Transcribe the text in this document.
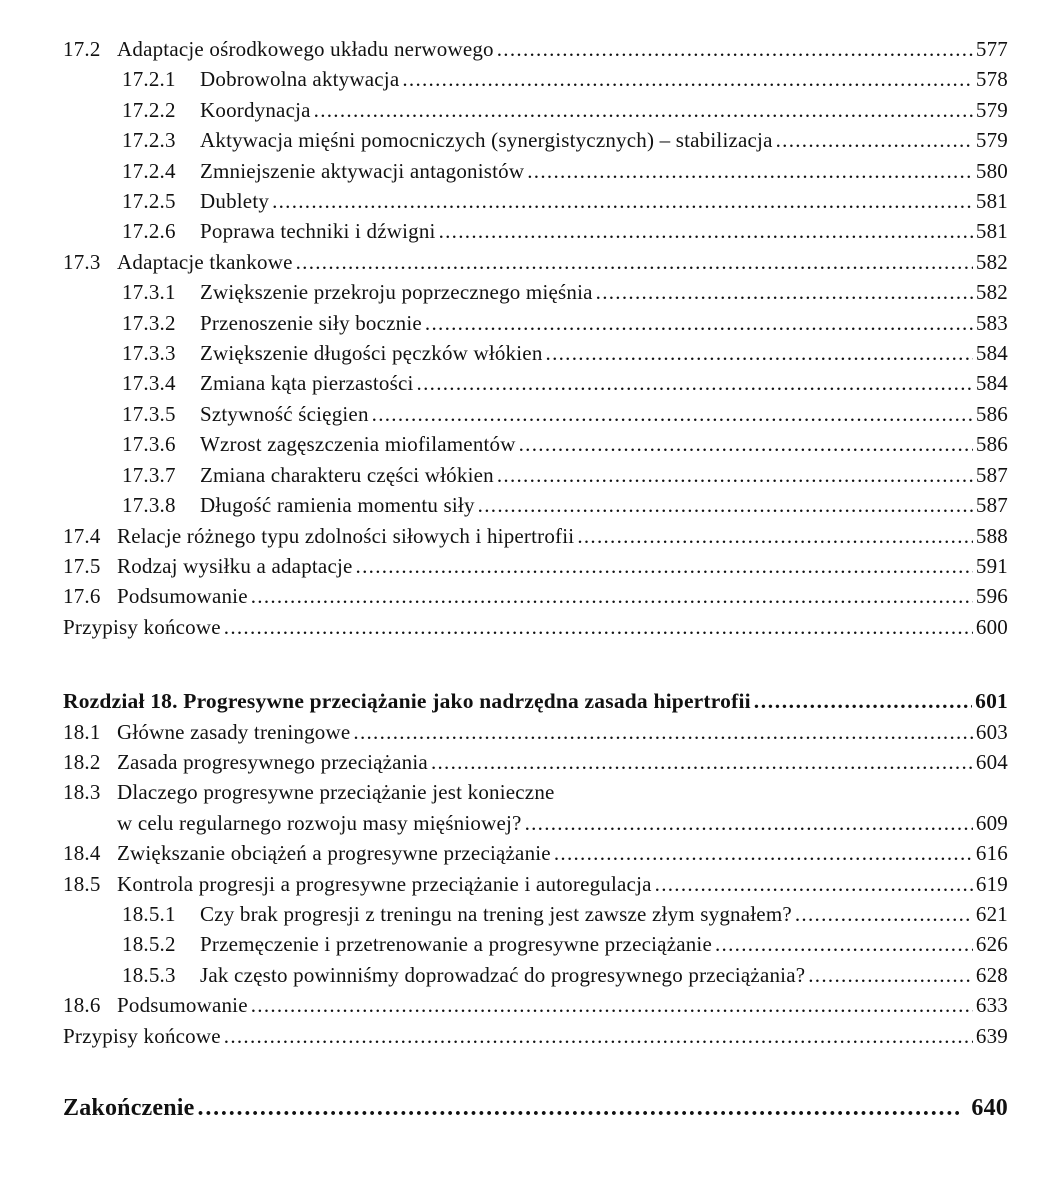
17.2 Adaptacje ośrodkowego układu nerwowego .....	577
17.2.1	Dobrowolna aktywacja .....	578
17.2.2	Koordynacja .....	579
17.2.3	Aktywacja mięśni pomocniczych (synergistycznych) – stabilizacja .....	579
17.2.4	Zmniejszenie aktywacji antagonistów .....	580
17.2.5	Dublety .....	581
17.2.6	Poprawa techniki i dźwigni .....	581
17.3 Adaptacje tkankowe .....	582
17.3.1	Zwiększenie przekroju poprzecznego mięśnia .....	582
17.3.2	Przenoszenie siły bocznie .....	583
17.3.3	Zwiększenie długości pęczków włókien .....	584
17.3.4	Zmiana kąta pierzastości .....	584
17.3.5	Sztywność ścięgien .....	586
17.3.6	Wzrost zagęszczenia miofilamentów .....	586
17.3.7	Zmiana charakteru części włókien .....	587
17.3.8	Długość ramienia momentu siły .....	587
17.4 Relacje różnego typu zdolności siłowych i hipertrofii .....	588
17.5 Rodzaj wysiłku a adaptacje .....	591
17.6 Podsumowanie .....	596
Przypisy końcowe .....	600
Rozdział 18. Progresywne przeciążanie jako nadrzędna zasada hipertrofii .....	601
18.1 Główne zasady treningowe .....	603
18.2 Zasada progresywnego przeciążania .....	604
18.3 Dlaczego progresywne przeciążanie jest konieczne
w celu regularnego rozwoju masy mięśniowej? .....	609
18.4 Zwiększanie obciążeń a progresywne przeciążanie .....	616
18.5 Kontrola progresji a progresywne przeciążanie i autoregulacja .....	619
18.5.1	Czy brak progresji z treningu na trening jest zawsze złym sygnałem? .....	621
18.5.2	Przemęczenie i przetrenowanie a progresywne przeciążanie .....	626
18.5.3	Jak często powinniśmy doprowadzać do progresywnego przeciążania? .....	628
18.6 Podsumowanie .....	633
Przypisy końcowe .....	639
Zakończenie .....	640
